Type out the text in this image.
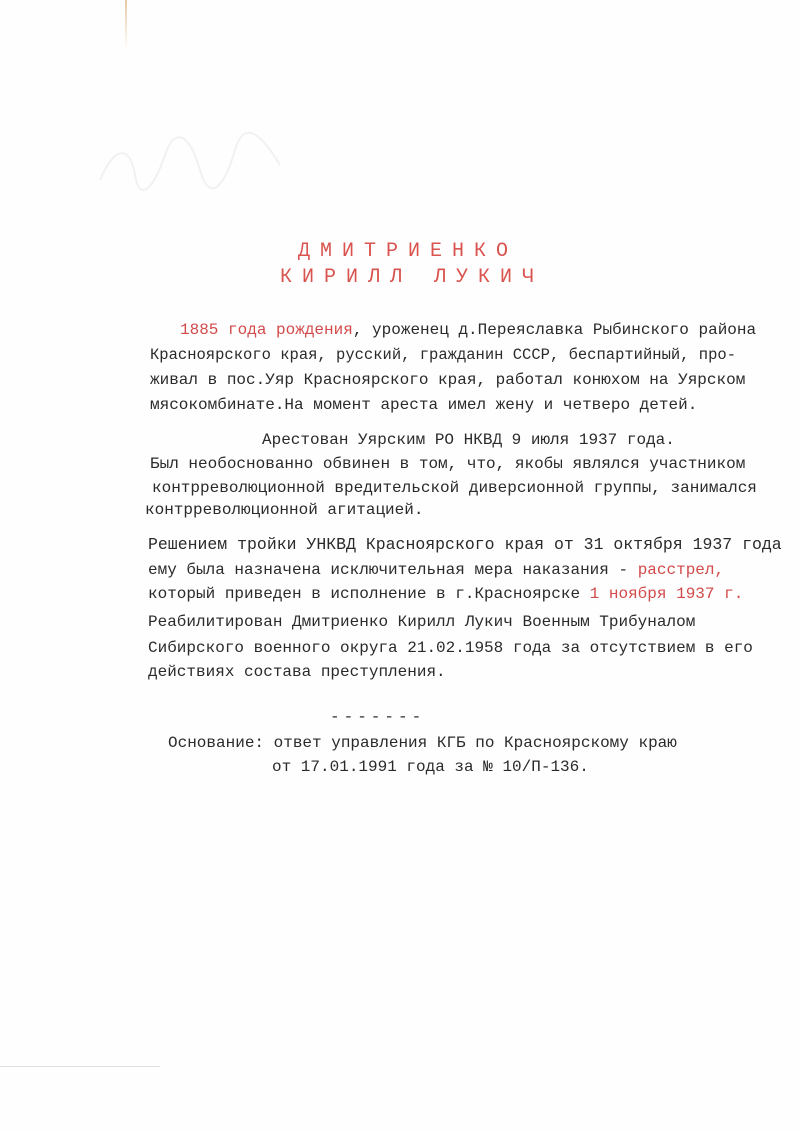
ДМИТРИЕНКО
КИРИЛЛ ЛУКИЧ
1885 года рождения, уроженец д.Переяславка Рыбинского района
Красноярского края, русский, гражданин СССР, беспартийный, про-
живал в пос.Уяр Красноярского края, работал конюхом на Уярском
мясокомбинате.На момент ареста имел жену и четверо детей.
Арестован Уярским РО НКВД 9 июля 1937 года.
Был необоснованно обвинен в том, что, якобы являлся участником
контрреволюционной вредительской диверсионной группы, занимался
контрреволюционной агитацией.
Решением тройки УНКВД Красноярского края от 31 октября 1937 года
ему была назначена исключительная мера наказания - расстрел,
который приведен в исполнение в г.Красноярске 1 ноября 1937 г.
Реабилитирован Дмитриенко Кирилл Лукич Военным Трибуналом
Сибирского военного округа 21.02.1958 года за отсутствием в его
действиях состава преступления.
-------
Основание: ответ управления КГБ по Красноярскому краю
от 17.01.1991 года за № 10/П-136.
